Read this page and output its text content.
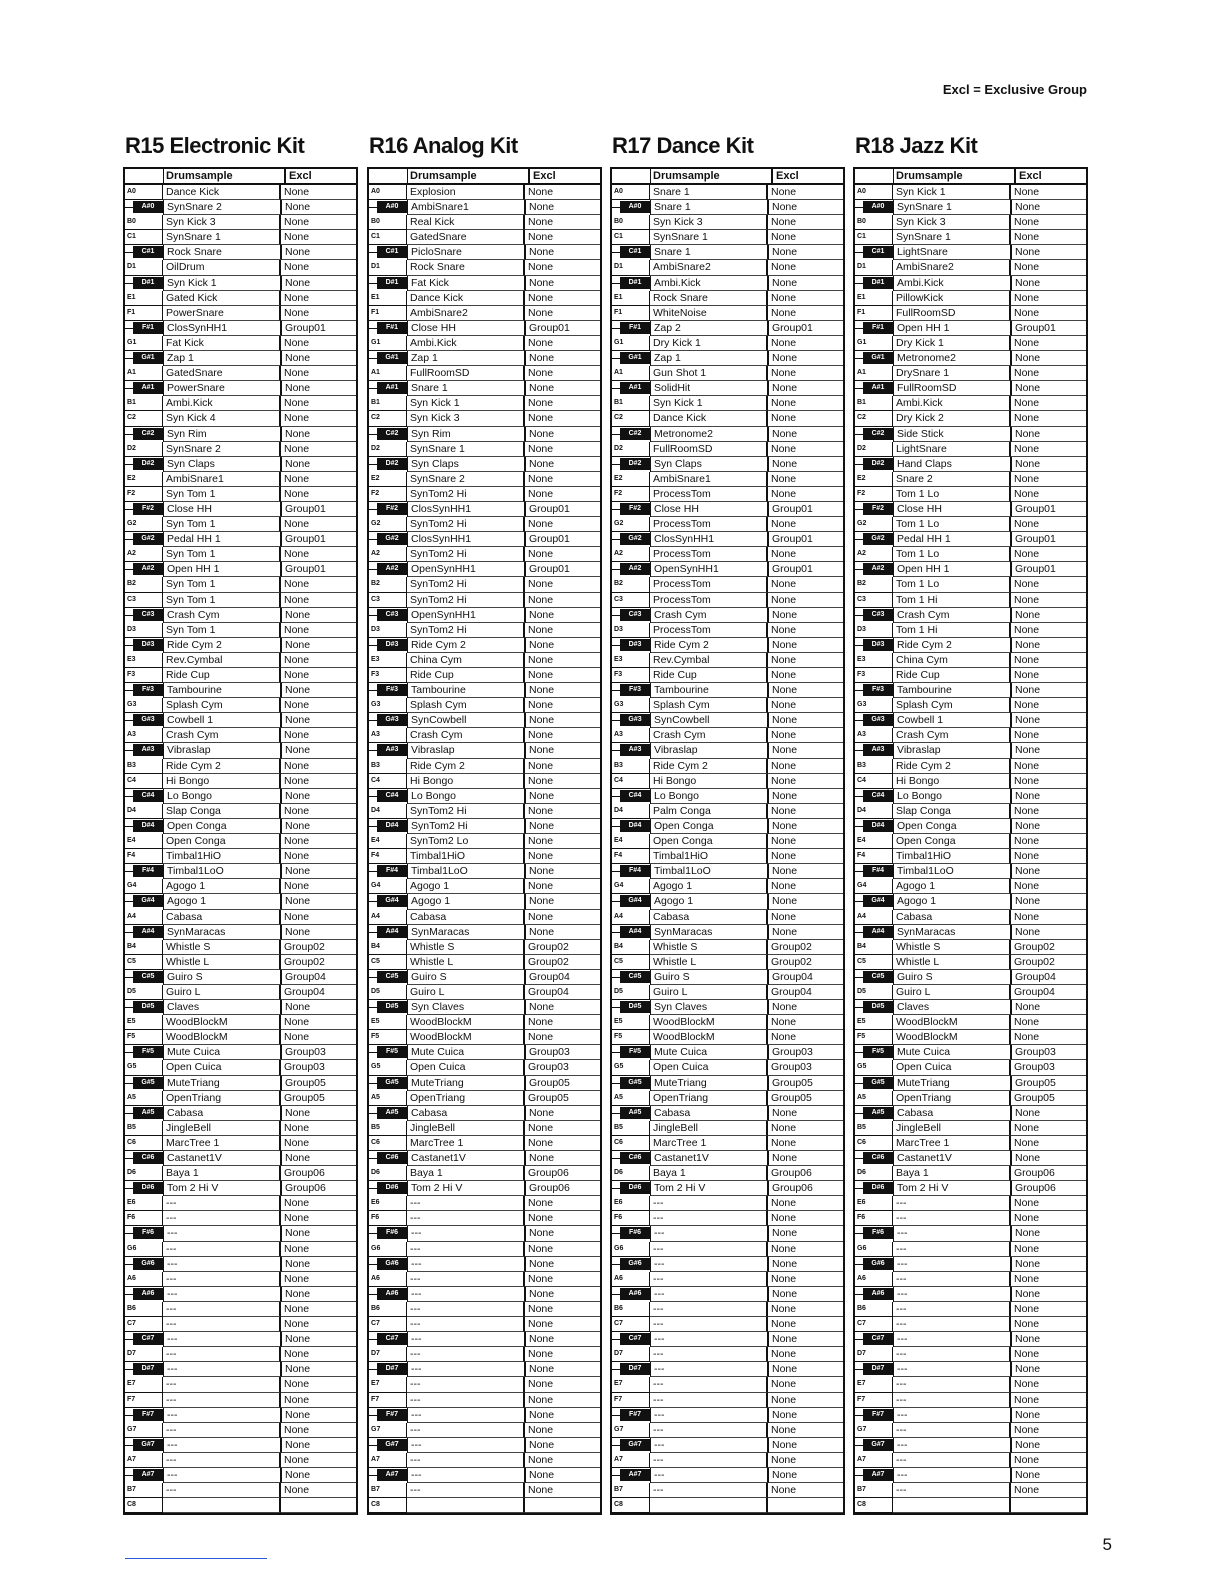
Excl = Exclusive Group
R15 Electronic Kit
Drumsample	Excl
A0	Dance Kick	None
A#0	SynSnare 2	None
B0	Syn Kick 3	None
C1	SynSnare 1	None
C#1	Rock Snare	None
D1	OilDrum	None
D#1	Syn Kick 1	None
E1	Gated Kick	None
F1	PowerSnare	None
F#1	ClosSynHH1	Group01
G1	Fat Kick	None
G#1	Zap 1	None
A1	GatedSnare	None
A#1	PowerSnare	None
B1	Ambi.Kick	None
C2	Syn Kick 4	None
C#2	Syn Rim	None
D2	SynSnare 2	None
D#2	Syn Claps	None
E2	AmbiSnare1	None
F2	Syn Tom 1	None
F#2	Close HH	Group01
G2	Syn Tom 1	None
G#2	Pedal HH 1	Group01
A2	Syn Tom 1	None
A#2	Open HH 1	Group01
B2	Syn Tom 1	None
C3	Syn Tom 1	None
C#3	Crash Cym	None
D3	Syn Tom 1	None
D#3	Ride Cym 2	None
E3	Rev.Cymbal	None
F3	Ride Cup	None
F#3	Tambourine	None
G3	Splash Cym	None
G#3	Cowbell 1	None
A3	Crash Cym	None
A#3	Vibraslap	None
B3	Ride Cym 2	None
C4	Hi Bongo	None
C#4	Lo Bongo	None
D4	Slap Conga	None
D#4	Open Conga	None
E4	Open Conga	None
F4	Timbal1HiO	None
F#4	Timbal1LoO	None
G4	Agogo 1	None
G#4	Agogo 1	None
A4	Cabasa	None
A#4	SynMaracas	None
B4	Whistle S	Group02
C5	Whistle L	Group02
C#5	Guiro S	Group04
D5	Guiro L	Group04
D#5	Claves	None
E5	WoodBlockM	None
F5	WoodBlockM	None
F#5	Mute Cuica	Group03
G5	Open Cuica	Group03
G#5	MuteTriang	Group05
A5	OpenTriang	Group05
A#5	Cabasa	None
B5	JingleBell	None
C6	MarcTree 1	None
C#6	Castanet1V	None
D6	Baya 1	Group06
D#6	Tom 2 Hi V	Group06
E6	---	None
F6	---	None
F#6	---	None
G6	---	None
G#6	---	None
A6	---	None
A#6	---	None
B6	---	None
C7	---	None
C#7	---	None
D7	---	None
D#7	---	None
E7	---	None
F7	---	None
F#7	---	None
G7	---	None
G#7	---	None
A7	---	None
A#7	---	None
B7	---	None
C8
R16 Analog Kit
Drumsample	Excl
A0	Explosion	None
A#0	AmbiSnare1	None
B0	Real Kick	None
C1	GatedSnare	None
C#1	PicloSnare	None
D1	Rock Snare	None
D#1	Fat Kick	None
E1	Dance Kick	None
F1	AmbiSnare2	None
F#1	Close HH	Group01
G1	Ambi.Kick	None
G#1	Zap 1	None
A1	FullRoomSD	None
A#1	Snare 1	None
B1	Syn Kick 1	None
C2	Syn Kick 3	None
C#2	Syn Rim	None
D2	SynSnare 1	None
D#2	Syn Claps	None
E2	SynSnare 2	None
F2	SynTom2 Hi	None
F#2	ClosSynHH1	Group01
G2	SynTom2 Hi	None
G#2	ClosSynHH1	Group01
A2	SynTom2 Hi	None
A#2	OpenSynHH1	Group01
B2	SynTom2 Hi	None
C3	SynTom2 Hi	None
C#3	OpenSynHH1	None
D3	SynTom2 Hi	None
D#3	Ride Cym 2	None
E3	China Cym	None
F3	Ride Cup	None
F#3	Tambourine	None
G3	Splash Cym	None
G#3	SynCowbell	None
A3	Crash Cym	None
A#3	Vibraslap	None
B3	Ride Cym 2	None
C4	Hi Bongo	None
C#4	Lo Bongo	None
D4	SynTom2 Hi	None
D#4	SynTom2 Hi	None
E4	SynTom2 Lo	None
F4	Timbal1HiO	None
F#4	Timbal1LoO	None
G4	Agogo 1	None
G#4	Agogo 1	None
A4	Cabasa	None
A#4	SynMaracas	None
B4	Whistle S	Group02
C5	Whistle L	Group02
C#5	Guiro S	Group04
D5	Guiro L	Group04
D#5	Syn Claves	None
E5	WoodBlockM	None
F5	WoodBlockM	None
F#5	Mute Cuica	Group03
G5	Open Cuica	Group03
G#5	MuteTriang	Group05
A5	OpenTriang	Group05
A#5	Cabasa	None
B5	JingleBell	None
C6	MarcTree 1	None
C#6	Castanet1V	None
D6	Baya 1	Group06
D#6	Tom 2 Hi V	Group06
E6	---	None
F6	---	None
F#6	---	None
G6	---	None
G#6	---	None
A6	---	None
A#6	---	None
B6	---	None
C7	---	None
C#7	---	None
D7	---	None
D#7	---	None
E7	---	None
F7	---	None
F#7	---	None
G7	---	None
G#7	---	None
A7	---	None
A#7	---	None
B7	---	None
C8
R17 Dance Kit
Drumsample	Excl
A0	Snare 1	None
A#0	Snare 1	None
B0	Syn Kick 3	None
C1	SynSnare 1	None
C#1	Snare 1	None
D1	AmbiSnare2	None
D#1	Ambi.Kick	None
E1	Rock Snare	None
F1	WhiteNoise	None
F#1	Zap 2	Group01
G1	Dry Kick 1	None
G#1	Zap 1	None
A1	Gun Shot 1	None
A#1	SolidHit	None
B1	Syn Kick 1	None
C2	Dance Kick	None
C#2	Metronome2	None
D2	FullRoomSD	None
D#2	Syn Claps	None
E2	AmbiSnare1	None
F2	ProcessTom	None
F#2	Close HH	Group01
G2	ProcessTom	None
G#2	ClosSynHH1	Group01
A2	ProcessTom	None
A#2	OpenSynHH1	Group01
B2	ProcessTom	None
C3	ProcessTom	None
C#3	Crash Cym	None
D3	ProcessTom	None
D#3	Ride Cym 2	None
E3	Rev.Cymbal	None
F3	Ride Cup	None
F#3	Tambourine	None
G3	Splash Cym	None
G#3	SynCowbell	None
A3	Crash Cym	None
A#3	Vibraslap	None
B3	Ride Cym 2	None
C4	Hi Bongo	None
C#4	Lo Bongo	None
D4	Palm Conga	None
D#4	Open Conga	None
E4	Open Conga	None
F4	Timbal1HiO	None
F#4	Timbal1LoO	None
G4	Agogo 1	None
G#4	Agogo 1	None
A4	Cabasa	None
A#4	SynMaracas	None
B4	Whistle S	Group02
C5	Whistle L	Group02
C#5	Guiro S	Group04
D5	Guiro L	Group04
D#5	Syn Claves	None
E5	WoodBlockM	None
F5	WoodBlockM	None
F#5	Mute Cuica	Group03
G5	Open Cuica	Group03
G#5	MuteTriang	Group05
A5	OpenTriang	Group05
A#5	Cabasa	None
B5	JingleBell	None
C6	MarcTree 1	None
C#6	Castanet1V	None
D6	Baya 1	Group06
D#6	Tom 2 Hi V	Group06
E6	---	None
F6	---	None
F#6	---	None
G6	---	None
G#6	---	None
A6	---	None
A#6	---	None
B6	---	None
C7	---	None
C#7	---	None
D7	---	None
D#7	---	None
E7	---	None
F7	---	None
F#7	---	None
G7	---	None
G#7	---	None
A7	---	None
A#7	---	None
B7	---	None
C8
R18 Jazz Kit
Drumsample	Excl
A0	Syn Kick 1	None
A#0	SynSnare 1	None
B0	Syn Kick 3	None
C1	SynSnare 1	None
C#1	LightSnare	None
D1	AmbiSnare2	None
D#1	Ambi.Kick	None
E1	PillowKick	None
F1	FullRoomSD	None
F#1	Open HH 1	Group01
G1	Dry Kick 1	None
G#1	Metronome2	None
A1	DrySnare 1	None
A#1	FullRoomSD	None
B1	Ambi.Kick	None
C2	Dry Kick 2	None
C#2	Side Stick	None
D2	LightSnare	None
D#2	Hand Claps	None
E2	Snare 2	None
F2	Tom 1 Lo	None
F#2	Close HH	Group01
G2	Tom 1 Lo	None
G#2	Pedal HH 1	Group01
A2	Tom 1 Lo	None
A#2	Open HH 1	Group01
B2	Tom 1 Lo	None
C3	Tom 1 Hi	None
C#3	Crash Cym	None
D3	Tom 1 Hi	None
D#3	Ride Cym 2	None
E3	China Cym	None
F3	Ride Cup	None
F#3	Tambourine	None
G3	Splash Cym	None
G#3	Cowbell 1	None
A3	Crash Cym	None
A#3	Vibraslap	None
B3	Ride Cym 2	None
C4	Hi Bongo	None
C#4	Lo Bongo	None
D4	Slap Conga	None
D#4	Open Conga	None
E4	Open Conga	None
F4	Timbal1HiO	None
F#4	Timbal1LoO	None
G4	Agogo 1	None
G#4	Agogo 1	None
A4	Cabasa	None
A#4	SynMaracas	None
B4	Whistle S	Group02
C5	Whistle L	Group02
C#5	Guiro S	Group04
D5	Guiro L	Group04
D#5	Claves	None
E5	WoodBlockM	None
F5	WoodBlockM	None
F#5	Mute Cuica	Group03
G5	Open Cuica	Group03
G#5	MuteTriang	Group05
A5	OpenTriang	Group05
A#5	Cabasa	None
B5	JingleBell	None
C6	MarcTree 1	None
C#6	Castanet1V	None
D6	Baya 1	Group06
D#6	Tom 2 Hi V	Group06
E6	---	None
F6	---	None
F#6	---	None
G6	---	None
G#6	---	None
A6	---	None
A#6	---	None
B6	---	None
C7	---	None
C#7	---	None
D7	---	None
D#7	---	None
E7	---	None
F7	---	None
F#7	---	None
G7	---	None
G#7	---	None
A7	---	None
A#7	---	None
B7	---	None
C8
5
